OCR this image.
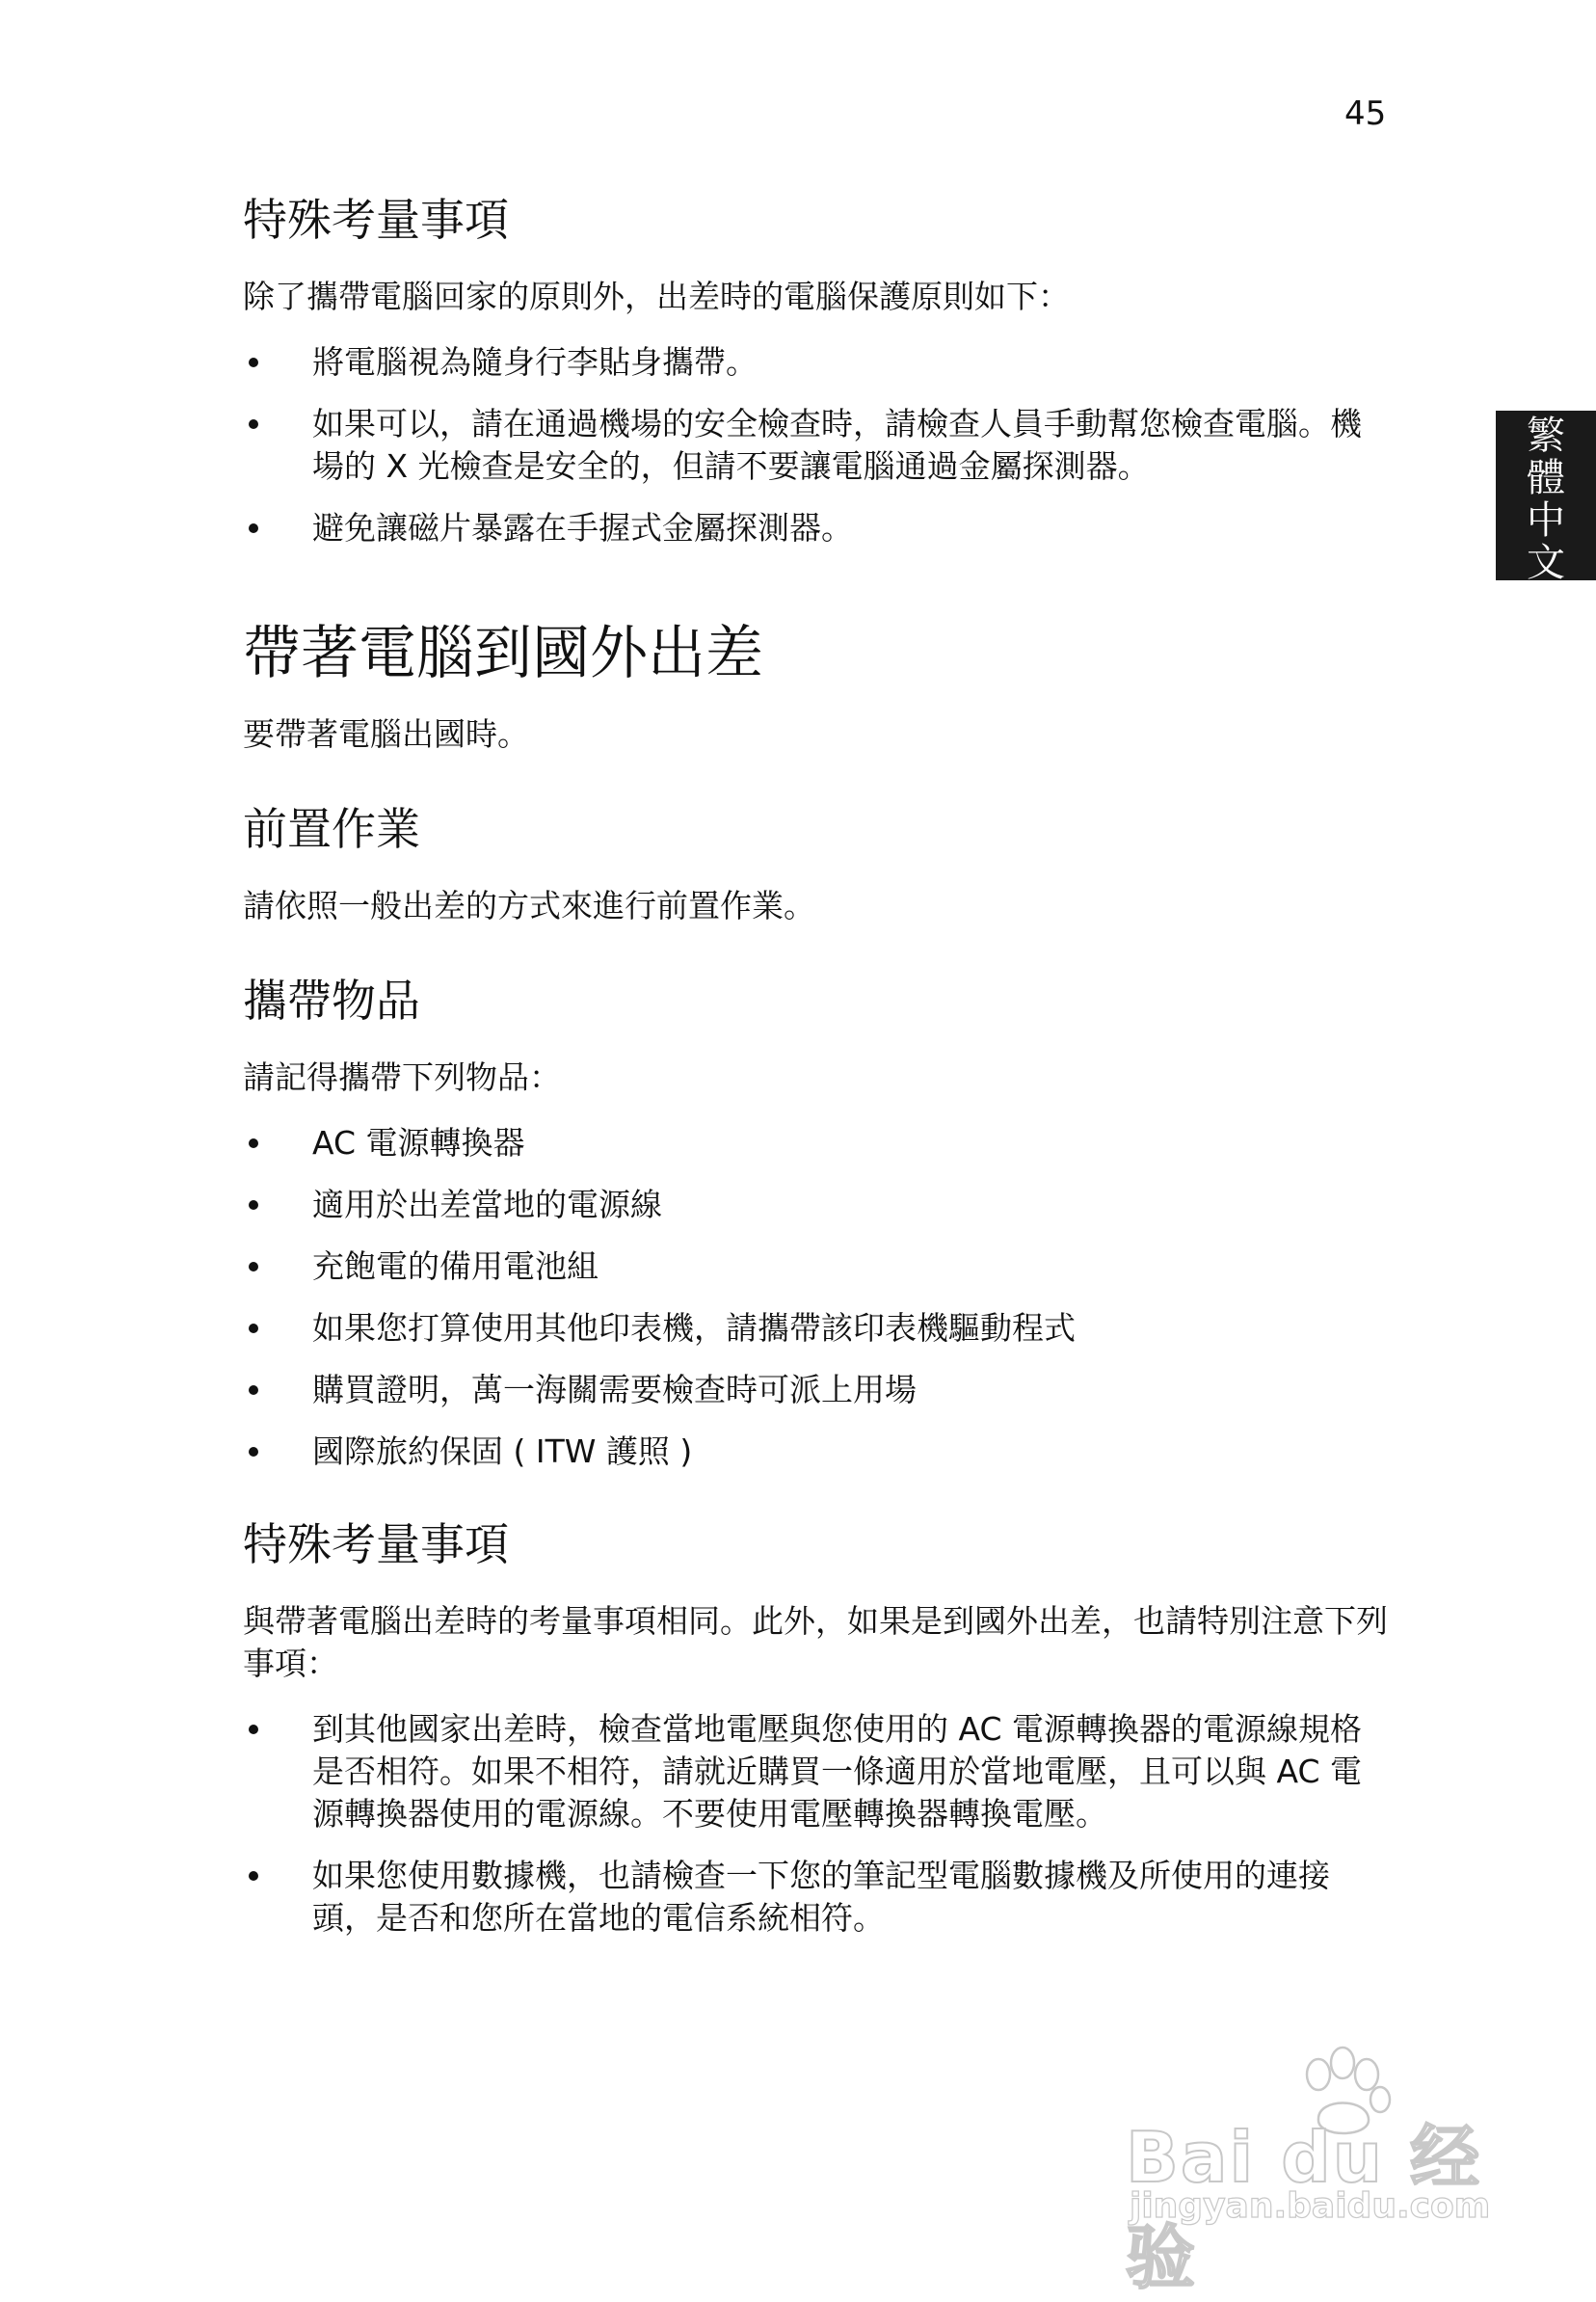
45
繁
體
中
文
特殊考量事項

除了攜帶電腦回家的原則外，出差時的電腦保護原則如下：

將電腦視為隨身行李貼身攜帶。
如果可以，請在通過機場的安全檢查時，請檢查人員手動幫您檢查電腦。機場的 X 光檢查是安全的，但請不要讓電腦通過金屬探測器。
避免讓磁片暴露在手握式金屬探測器。
帶著電腦到國外出差

要帶著電腦出國時。

前置作業

請依照一般出差的方式來進行前置作業。

攜帶物品

請記得攜帶下列物品：

AC 電源轉換器
適用於出差當地的電源線
充飽電的備用電池組
如果您打算使用其他印表機，請攜帶該印表機驅動程式
購買證明，萬一海關需要檢查時可派上用場
國際旅約保固 ( ITW 護照 )
特殊考量事項

與帶著電腦出差時的考量事項相同。此外，如果是到國外出差，也請特別注意下列事項：

到其他國家出差時，檢查當地電壓與您使用的 AC 電源轉換器的電源線規格是否相符。如果不相符，請就近購買一條適用於當地電壓，且可以與 AC 電源轉換器使用的電源線。不要使用電壓轉換器轉換電壓。
如果您使用數據機，也請檢查一下您的筆記型電腦數據機及所使用的連接頭，是否和您所在當地的電信系統相符。
Bai du 经验
jingyan.baidu.com
